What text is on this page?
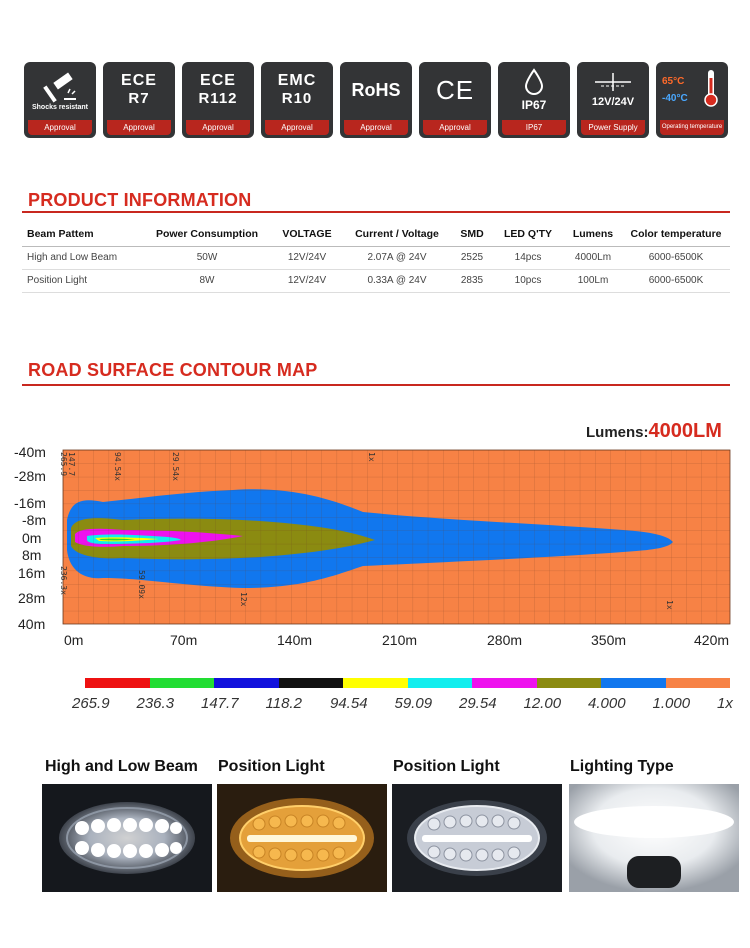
Shocks resistant
Approval
ECE
R7
Approval
ECE
R112
Approval
EMC
R10
Approval
RoHS
Approval
CE
Approval
IP67
IP67
12V/24V
Power Supply
65°C
-40°C
Operating temperature
PRODUCT INFORMATION
Beam Pattem	Power Consumption	VOLTAGE	Current / Voltage	SMD	LED Q'TY	Lumens	Color temperature
High and Low Beam	50W	12V/24V	2.07A @ 24V	2525	14pcs	4000Lm	6000-6500K
Position Light	8W	12V/24V	0.33A @ 24V	2835	10pcs	100Lm	6000-6500K
ROAD SURFACE CONTOUR MAP
Lumens:4000LM
-40m
-28m
-16m
-8m
0m
8m
16m
28m
40m
265.9 147.7	94.54x	29.54x	1x
236.3x	59.09x
12x	1x
0m	70m	140m	210m	280m	350m	420m
265.9 236.3 147.7 118.2 94.54 59.09 29.54 12.00 4.000 1.000 1x
High and Low Beam Position Light	Position Light	Lighting Type
